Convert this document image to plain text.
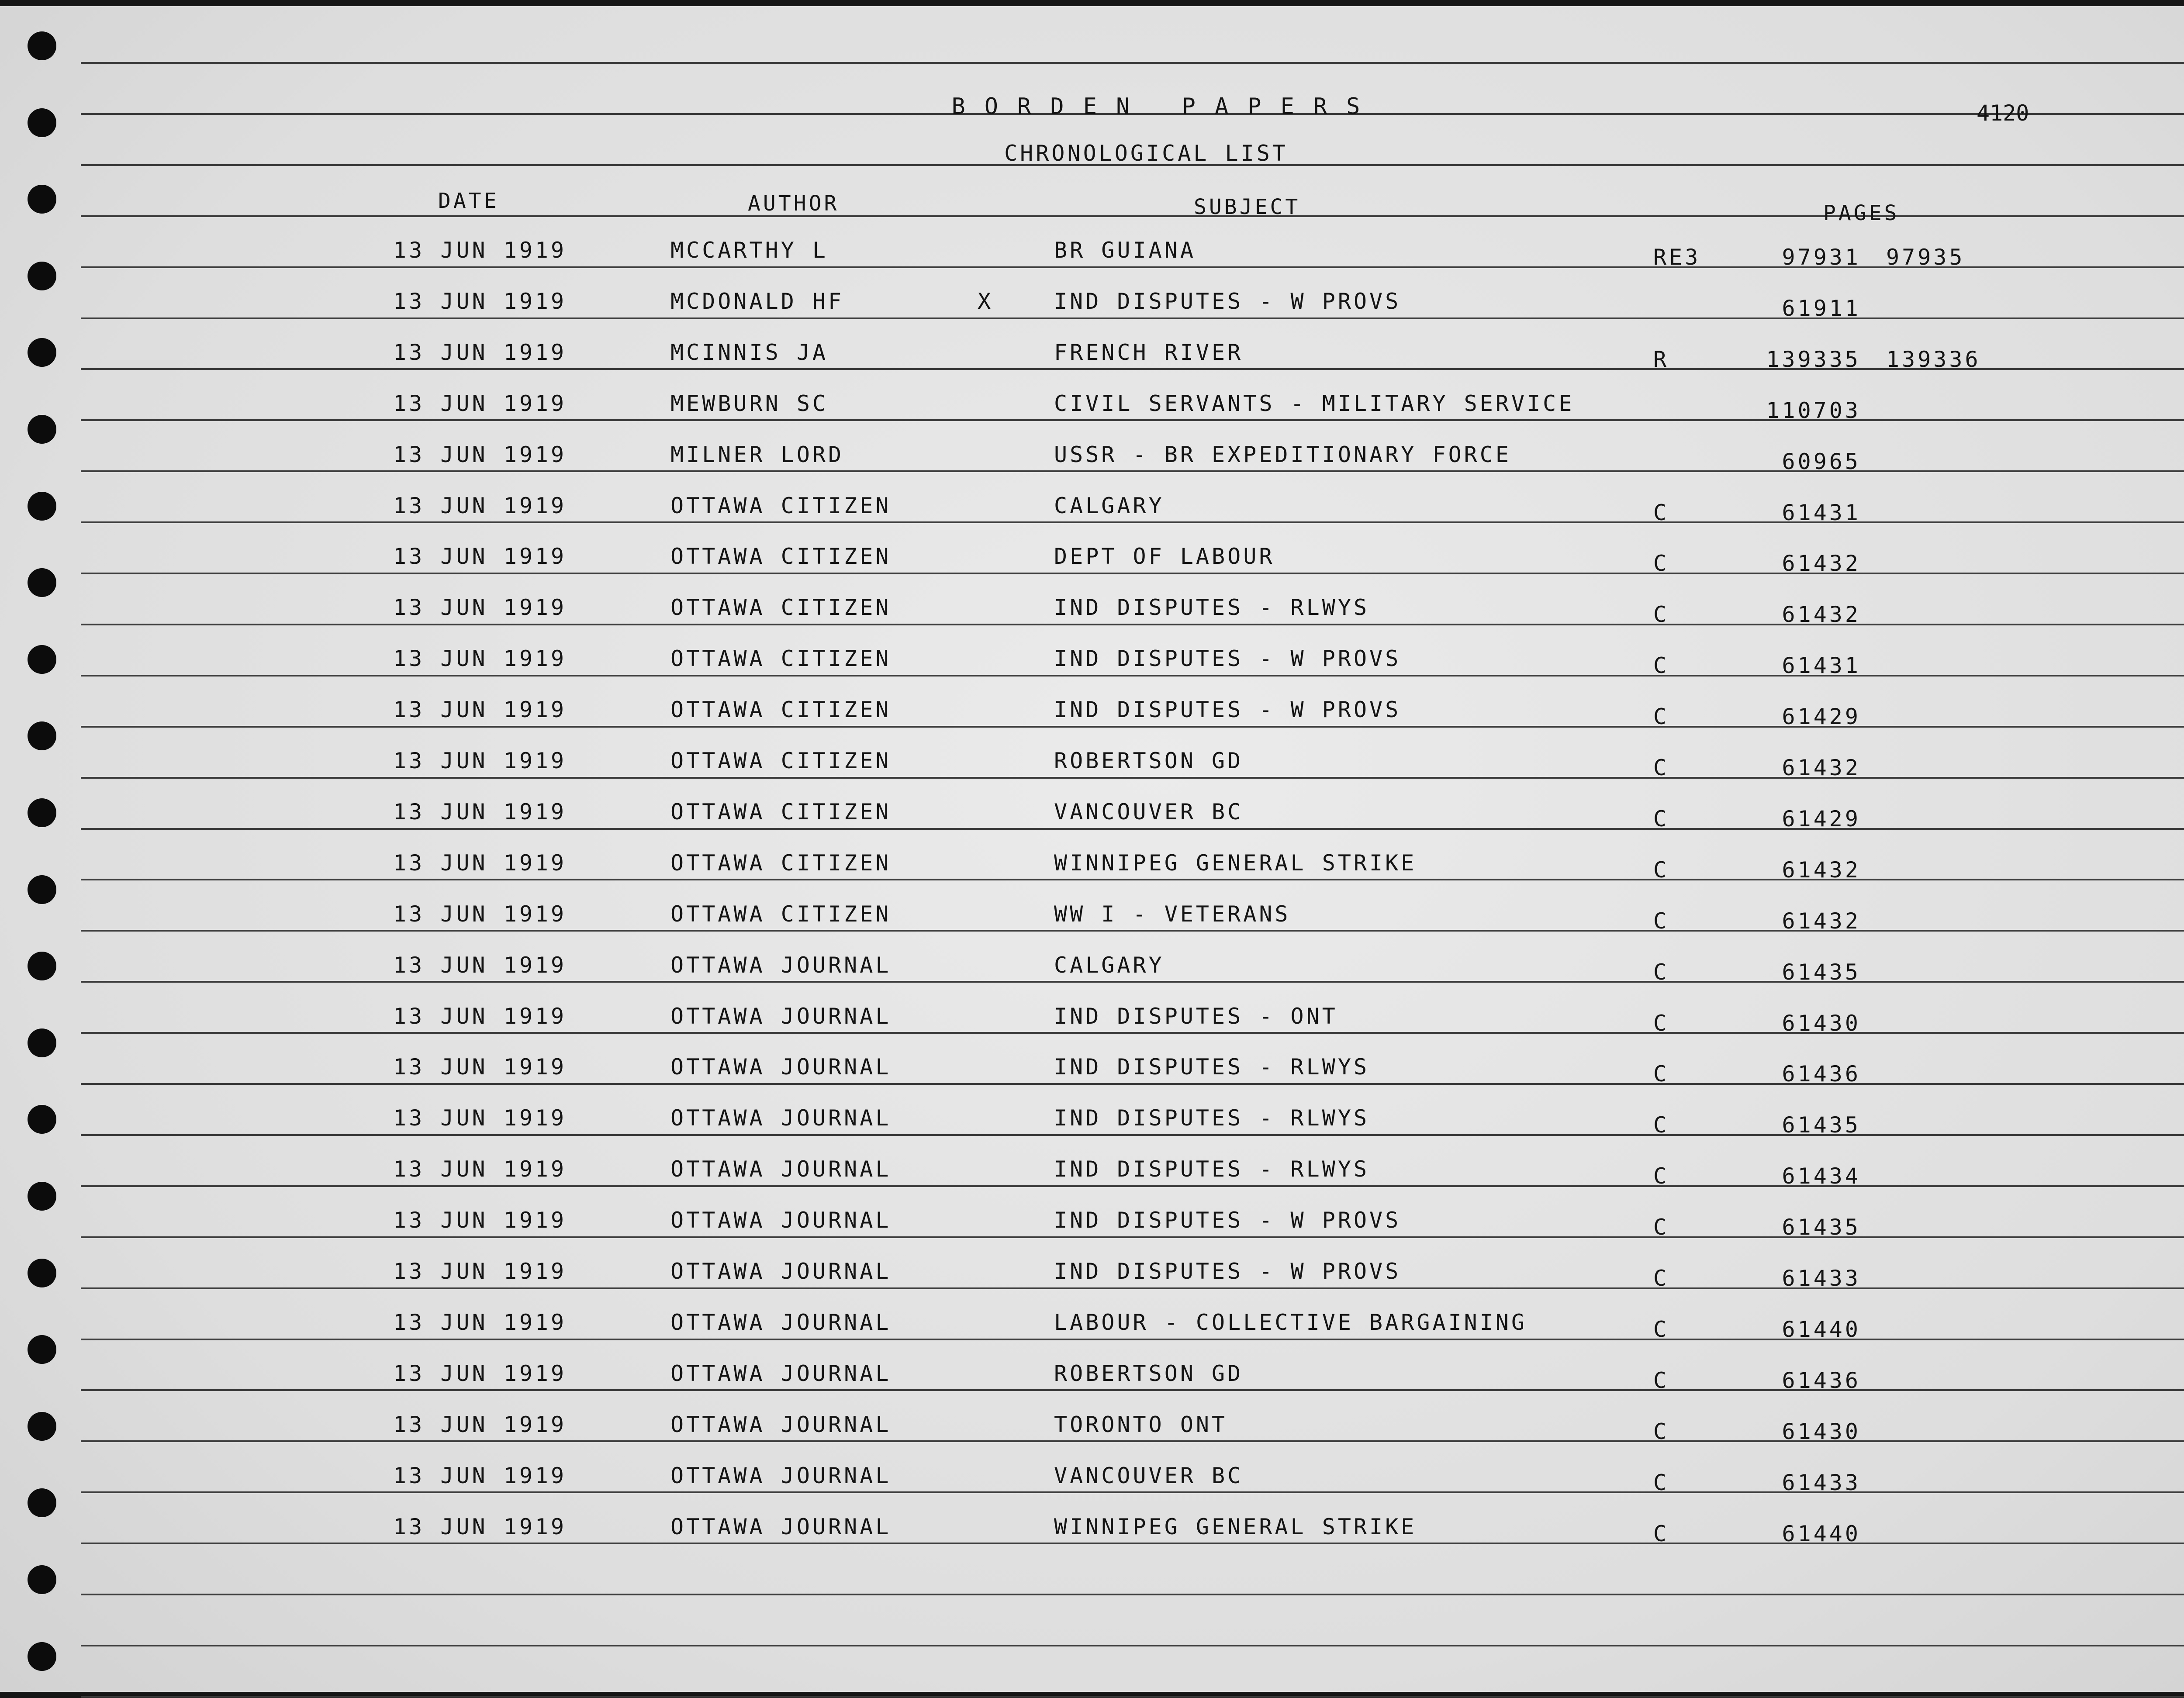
BORDEN PAPERS	4120
CHRONOLOGICAL LIST
DATE	AUTHOR	SUBJECT	PAGES
13 JUN 1919	MCCARTHY L	BR GUIANA	RE3	97931 97935
13 JUN 1919	MCDONALD HF	X	IND DISPUTES - W PROVS	61911
13 JUN 1919	MCINNIS JA	FRENCH RIVER	R	139335 139336
13 JUN 1919	MEWBURN SC	CIVIL SERVANTS - MILITARY SERVICE	110703
13 JUN 1919	MILNER LORD	USSR - BR EXPEDITIONARY FORCE	60965
13 JUN 1919	OTTAWA CITIZEN	CALGARY	C	61431
13 JUN 1919	OTTAWA CITIZEN	DEPT OF LABOUR	C	61432
13 JUN 1919	OTTAWA CITIZEN	IND DISPUTES - RLWYS	C	61432
13 JUN 1919	OTTAWA CITIZEN	IND DISPUTES - W PROVS	C	61431
13 JUN 1919	OTTAWA CITIZEN	IND DISPUTES - W PROVS	C	61429
13 JUN 1919	OTTAWA CITIZEN	ROBERTSON GD	C	61432
13 JUN 1919	OTTAWA CITIZEN	VANCOUVER BC	C	61429
13 JUN 1919	OTTAWA CITIZEN	WINNIPEG GENERAL STRIKE	C	61432
13 JUN 1919	OTTAWA CITIZEN	WW I - VETERANS	C	61432
13 JUN 1919	OTTAWA JOURNAL	CALGARY	C	61435
13 JUN 1919	OTTAWA JOURNAL	IND DISPUTES - ONT	C	61430
13 JUN 1919	OTTAWA JOURNAL	IND DISPUTES - RLWYS	C	61436
13 JUN 1919	OTTAWA JOURNAL	IND DISPUTES - RLWYS	C	61435
13 JUN 1919	OTTAWA JOURNAL	IND DISPUTES - RLWYS	C	61434
13 JUN 1919	OTTAWA JOURNAL	IND DISPUTES - W PROVS	C	61435
13 JUN 1919	OTTAWA JOURNAL	IND DISPUTES - W PROVS	C	61433
13 JUN 1919	OTTAWA JOURNAL	LABOUR - COLLECTIVE BARGAINING	C	61440
13 JUN 1919	OTTAWA JOURNAL	ROBERTSON GD	C	61436
13 JUN 1919	OTTAWA JOURNAL	TORONTO ONT	C	61430
13 JUN 1919	OTTAWA JOURNAL	VANCOUVER BC	C	61433
13 JUN 1919	OTTAWA JOURNAL	WINNIPEG GENERAL STRIKE	C	61440
